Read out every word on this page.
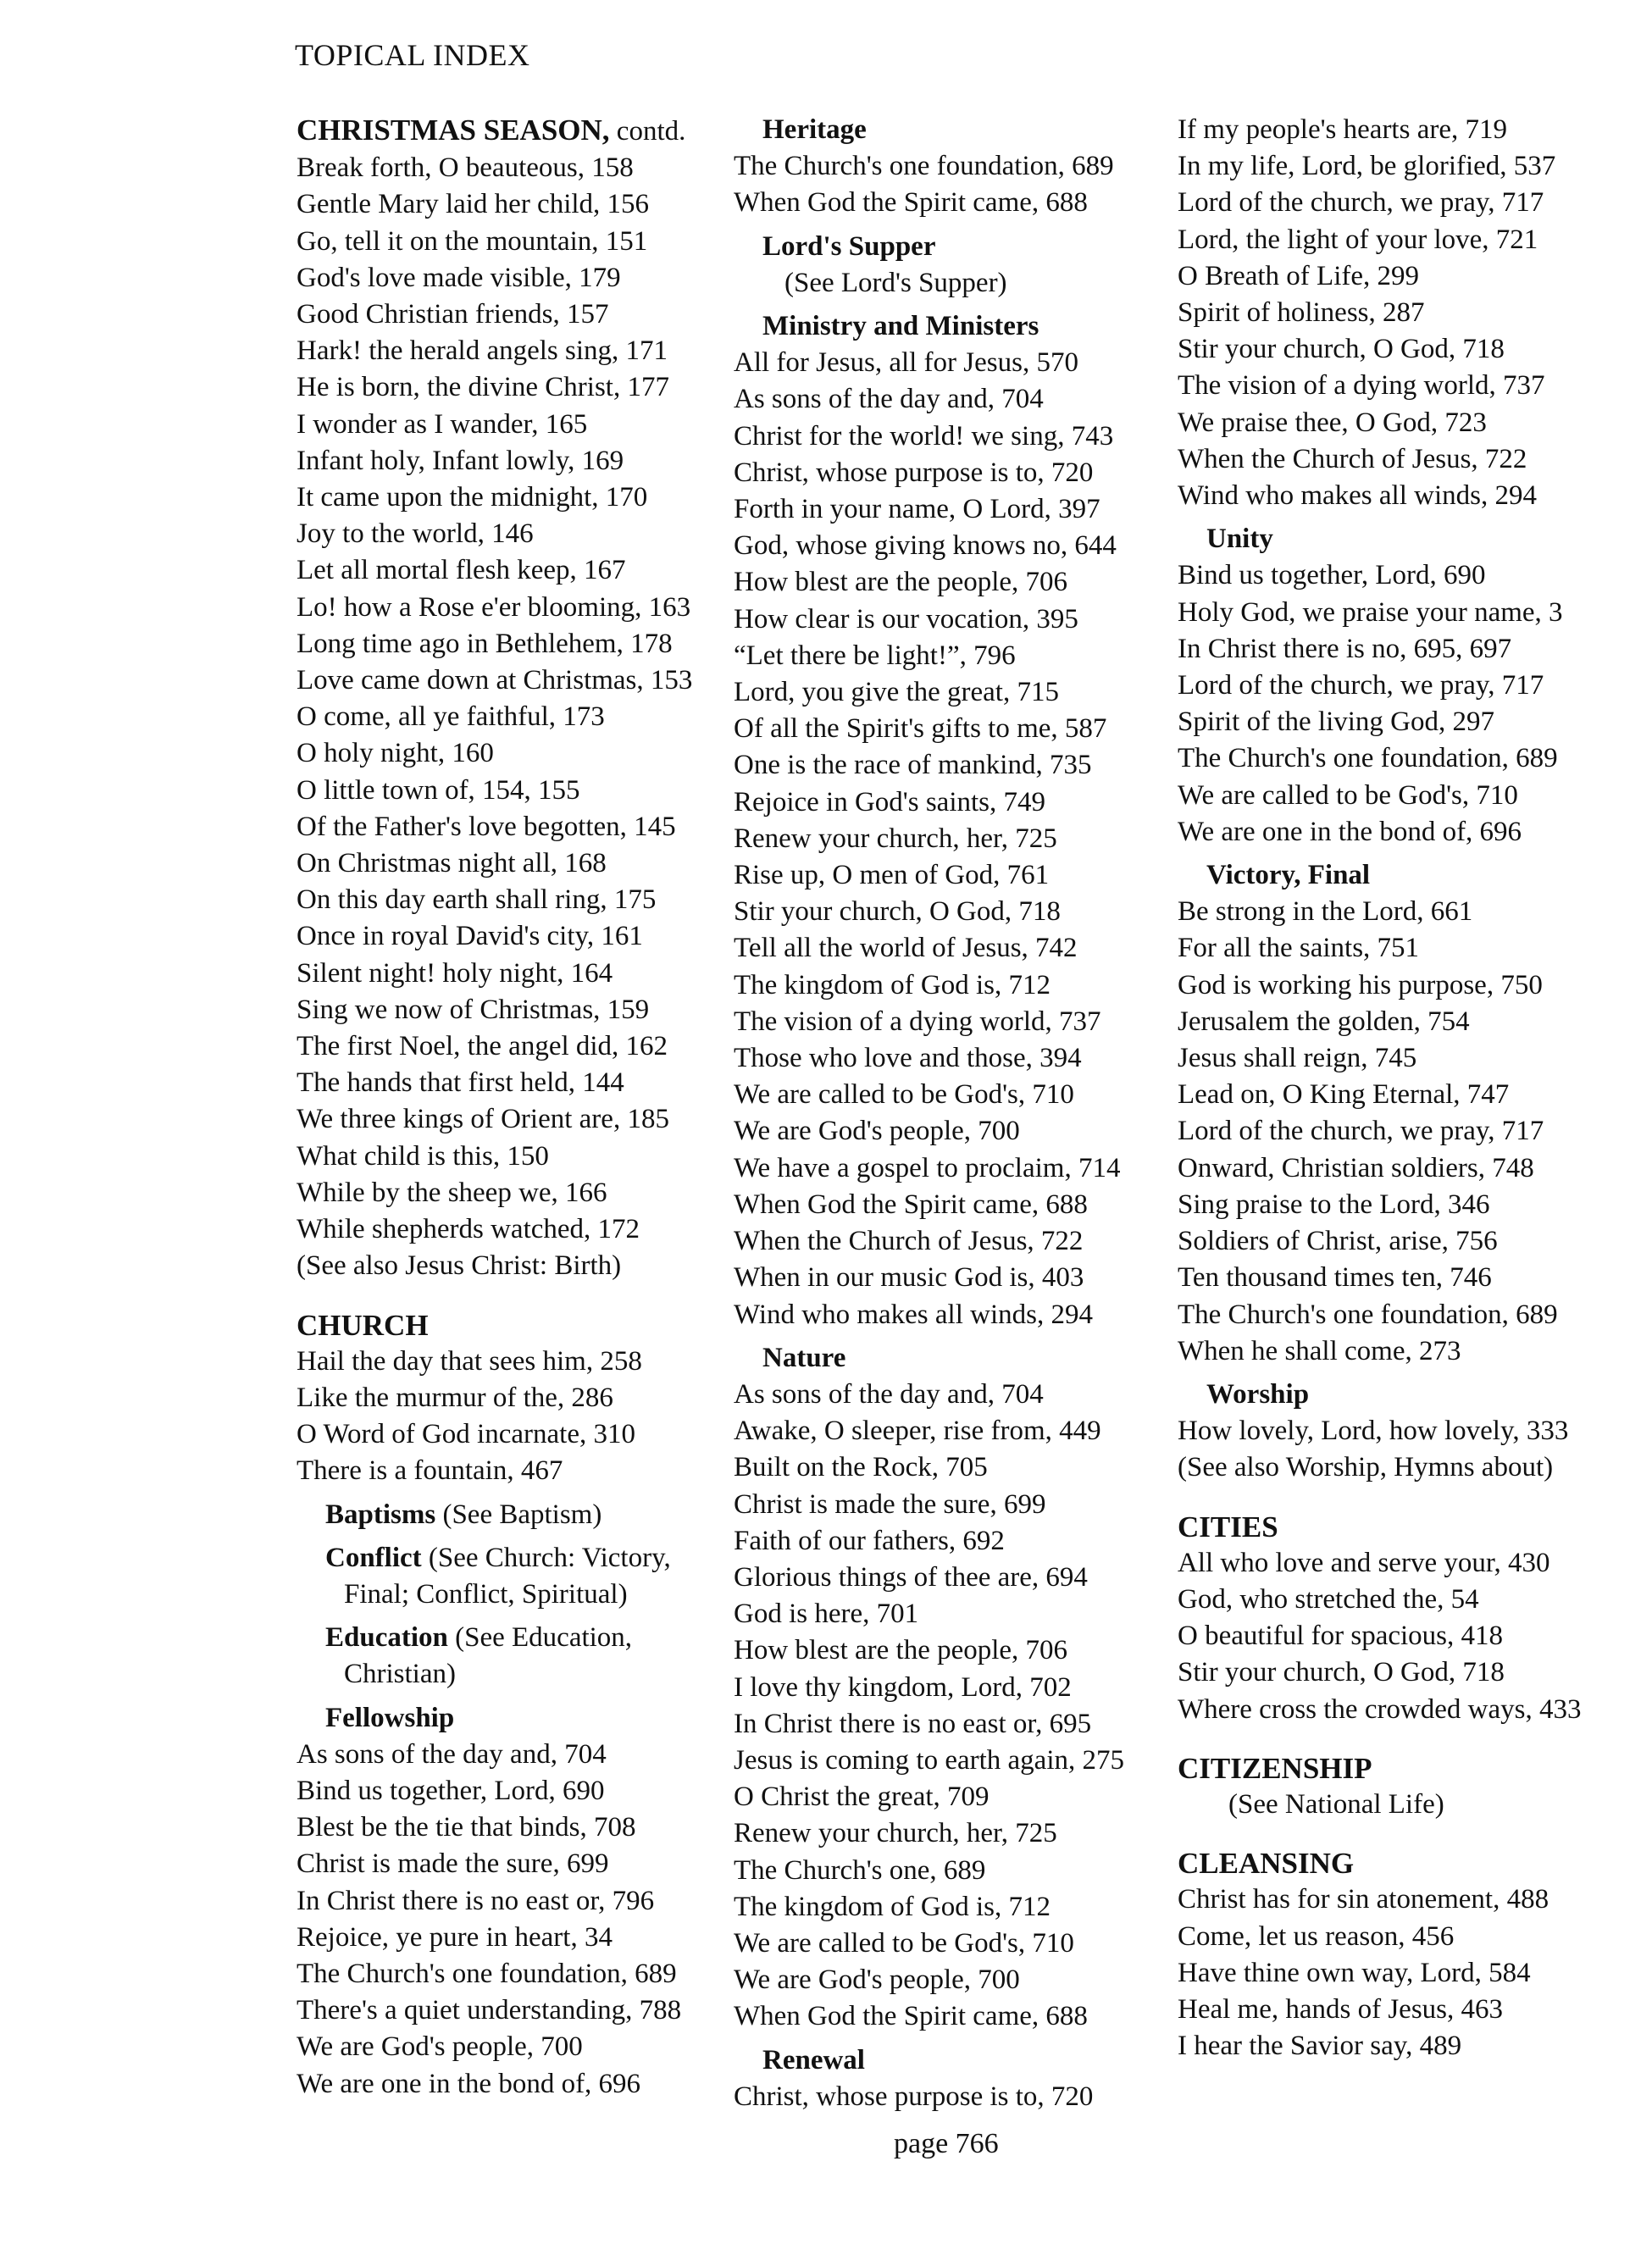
TOPICAL INDEX
CHRISTMAS SEASON, contd.
Break forth, O beauteous, 158
Gentle Mary laid her child, 156
Go, tell it on the mountain, 151
God's love made visible, 179
Good Christian friends, 157
Hark! the herald angels sing, 171
He is born, the divine Christ, 177
I wonder as I wander, 165
Infant holy, Infant lowly, 169
It came upon the midnight, 170
Joy to the world, 146
Let all mortal flesh keep, 167
Lo! how a Rose e'er blooming, 163
Long time ago in Bethlehem, 178
Love came down at Christmas, 153
O come, all ye faithful, 173
O holy night, 160
O little town of, 154, 155
Of the Father's love begotten, 145
On Christmas night all, 168
On this day earth shall ring, 175
Once in royal David's city, 161
Silent night! holy night, 164
Sing we now of Christmas, 159
The first Noel, the angel did, 162
The hands that first held, 144
We three kings of Orient are, 185
What child is this, 150
While by the sheep we, 166
While shepherds watched, 172
(See also Jesus Christ: Birth)
CHURCH
Hail the day that sees him, 258
Like the murmur of the, 286
O Word of God incarnate, 310
There is a fountain, 467
Baptisms (See Baptism)
Conflict (See Church: Victory,
Final; Conflict, Spiritual)
Education (See Education,
Christian)
Fellowship
As sons of the day and, 704
Bind us together, Lord, 690
Blest be the tie that binds, 708
Christ is made the sure, 699
In Christ there is no east or, 796
Rejoice, ye pure in heart, 34
The Church's one foundation, 689
There's a quiet understanding, 788
We are God's people, 700
We are one in the bond of, 696
Heritage
The Church's one foundation, 689
When God the Spirit came, 688
Lord's Supper
(See Lord's Supper)
Ministry and Ministers
All for Jesus, all for Jesus, 570
As sons of the day and, 704
Christ for the world! we sing, 743
Christ, whose purpose is to, 720
Forth in your name, O Lord, 397
God, whose giving knows no, 644
How blest are the people, 706
How clear is our vocation, 395
“Let there be light!”, 796
Lord, you give the great, 715
Of all the Spirit's gifts to me, 587
One is the race of mankind, 735
Rejoice in God's saints, 749
Renew your church, her, 725
Rise up, O men of God, 761
Stir your church, O God, 718
Tell all the world of Jesus, 742
The kingdom of God is, 712
The vision of a dying world, 737
Those who love and those, 394
We are called to be God's, 710
We are God's people, 700
We have a gospel to proclaim, 714
When God the Spirit came, 688
When the Church of Jesus, 722
When in our music God is, 403
Wind who makes all winds, 294
Nature
As sons of the day and, 704
Awake, O sleeper, rise from, 449
Built on the Rock, 705
Christ is made the sure, 699
Faith of our fathers, 692
Glorious things of thee are, 694
God is here, 701
How blest are the people, 706
I love thy kingdom, Lord, 702
In Christ there is no east or, 695
Jesus is coming to earth again, 275
O Christ the great, 709
Renew your church, her, 725
The Church's one, 689
The kingdom of God is, 712
We are called to be God's, 710
We are God's people, 700
When God the Spirit came, 688
Renewal
Christ, whose purpose is to, 720
If my people's hearts are, 719
In my life, Lord, be glorified, 537
Lord of the church, we pray, 717
Lord, the light of your love, 721
O Breath of Life, 299
Spirit of holiness, 287
Stir your church, O God, 718
The vision of a dying world, 737
We praise thee, O God, 723
When the Church of Jesus, 722
Wind who makes all winds, 294
Unity
Bind us together, Lord, 690
Holy God, we praise your name, 3
In Christ there is no, 695, 697
Lord of the church, we pray, 717
Spirit of the living God, 297
The Church's one foundation, 689
We are called to be God's, 710
We are one in the bond of, 696
Victory, Final
Be strong in the Lord, 661
For all the saints, 751
God is working his purpose, 750
Jerusalem the golden, 754
Jesus shall reign, 745
Lead on, O King Eternal, 747
Lord of the church, we pray, 717
Onward, Christian soldiers, 748
Sing praise to the Lord, 346
Soldiers of Christ, arise, 756
Ten thousand times ten, 746
The Church's one foundation, 689
When he shall come, 273
Worship
How lovely, Lord, how lovely, 333
(See also Worship, Hymns about)
CITIES
All who love and serve your, 430
God, who stretched the, 54
O beautiful for spacious, 418
Stir your church, O God, 718
Where cross the crowded ways, 433
CITIZENSHIP
(See National Life)
CLEANSING
Christ has for sin atonement, 488
Come, let us reason, 456
Have thine own way, Lord, 584
Heal me, hands of Jesus, 463
I hear the Savior say, 489
page 766
